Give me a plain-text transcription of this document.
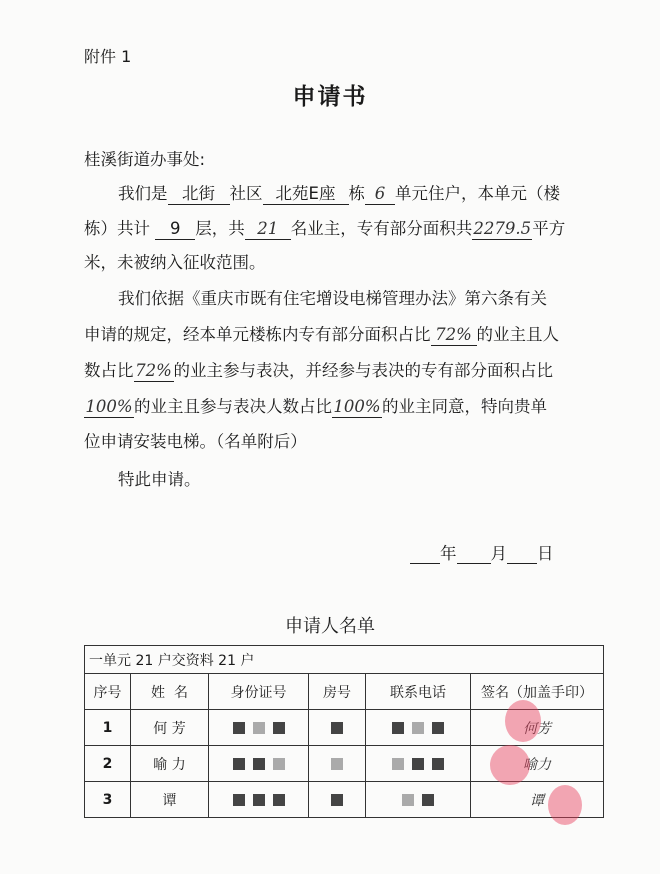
附件 1
申请书
桂溪街道办事处:
我们是 北街 社区 北苑E座 栋 6 单元住户，本单元（楼
栋）共计 9 层，共 21 名业主，专有部分面积共2279.5平方
米，未被纳入征收范围。
我们依据《重庆市既有住宅增设电梯管理办法》第六条有关
申请的规定，经本单元楼栋内专有部分面积占比 72% 的业主且人
数占比 72% 的业主参与表决，并经参与表决的专有部分面积占比
100%的业主且参与表决人数占比100%的业主同意，特向贵单
位申请安装电梯。（名单附后）
特此申请。
年 月 日
申请人名单
一单元 21 户交资料 21 户					
序号	姓  名	身份证号	房号	联系电话	签名（加盖手印）
1	何 芳				何芳
2	喻 力				喻力
3	谭				谭
